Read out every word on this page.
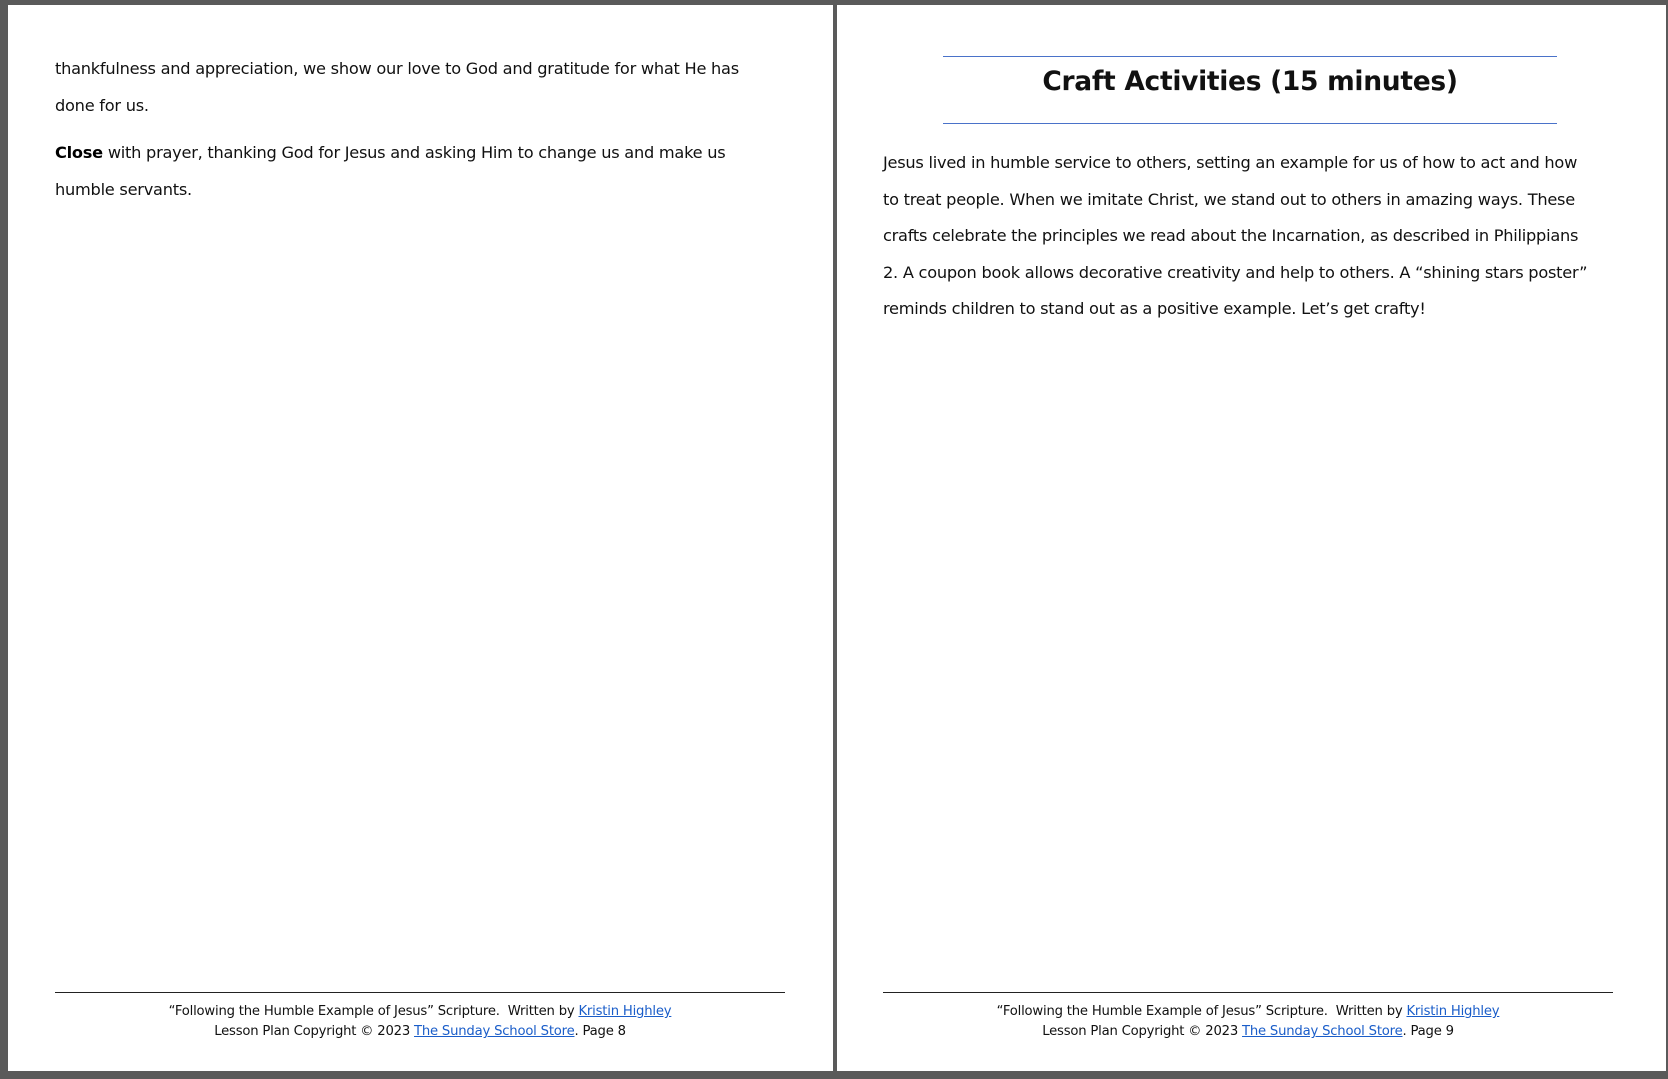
thankfulness and appreciation, we show our love to God and gratitude for what He has
done for us.
Close with prayer, thanking God for Jesus and asking Him to change us and make us
humble servants.
“Following the Humble Example of Jesus” Scripture.  Written by Kristin Highley
Lesson Plan Copyright © 2023 The Sunday School Store. Page 8
Craft Activities (15 minutes)
Jesus lived in humble service to others, setting an example for us of how to act and how
to treat people. When we imitate Christ, we stand out to others in amazing ways. These
crafts celebrate the principles we read about the Incarnation, as described in Philippians
2. A coupon book allows decorative creativity and help to others. A “shining stars poster”
reminds children to stand out as a positive example. Let’s get crafty!
“Following the Humble Example of Jesus” Scripture.  Written by Kristin Highley
Lesson Plan Copyright © 2023 The Sunday School Store. Page 9
